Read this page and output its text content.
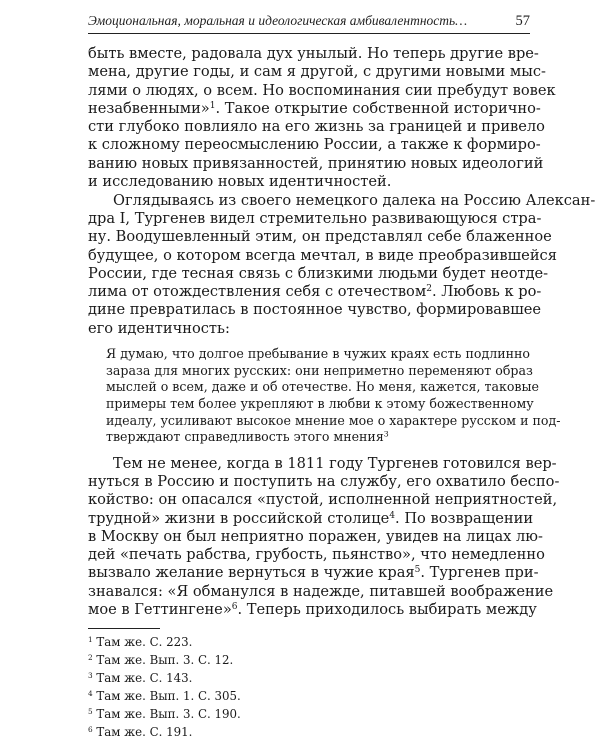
Эмоциональная, моральная и идеологическая амбивалентность…	57
быть вместе, радовала дух унылый. Но теперь другие вре-
мена, другие годы, и сам я другой, с другими новыми мыс-
лями о людях, о всем. Но воспоминания сии пребудут вовек
незабвенными»$^1$. Такое открытие собственной исторично-
сти глубоко повлияло на его жизнь за границей и привело
к сложному переосмыслению России, а также к формиро-
ванию новых привязанностей, принятию новых идеологий
и исследованию новых идентичностей.
Оглядываясь из своего немецкого далека на Россию Алексан-
дра I, Тургенев видел стремительно развивающуюся стра-
ну. Воодушевленный этим, он представлял себе блаженное
будущее, о котором всегда мечтал, в виде преобразившейся
России, где тесная связь с близкими людьми будет неотде-
лима от отождествления себя с отечеством$^2$. Любовь к ро-
дине превратилась в постоянное чувство, формировавшее
его идентичность:
Я думаю, что долгое пребывание в чужих краях есть подлинно
зараза для многих русских: они неприметно переменяют образ
мыслей о всем, даже и об отечестве. Но меня, кажется, таковые
примеры тем более укрепляют в любви к этому божественному
идеалу, усиливают высокое мнение мое о характере русском и под-
тверждают справедливость этого мнения$^3$
Тем не менее, когда в 1811 году Тургенев готовился вер-
нуться в Россию и поступить на службу, его охватило беспо-
койство: он опасался «пустой, исполненной неприятностей,
трудной» жизни в российской столице$^4$. По возвращении
$^1$ Там же. С. 223.
$^2$ Там же. Вып. 3. С. 12.
$^3$ Там же. С. 143.
$^4$ Там же. Вып. 1. С. 305.
$^5$ Там же. Вып. 3. С. 190.
$^6$ Там же. С. 191.
в Москву он был неприятно поражен, увидев на лицах лю-
дей «печать рабства, грубость, пьянство», что немедленно
вызвало желание вернуться в чужие края$^5$. Тургенев при-
знавался: «Я обманулся в надежде, питавшей воображение
мое в Геттингене»$^6$. Теперь приходилось выбирать между
